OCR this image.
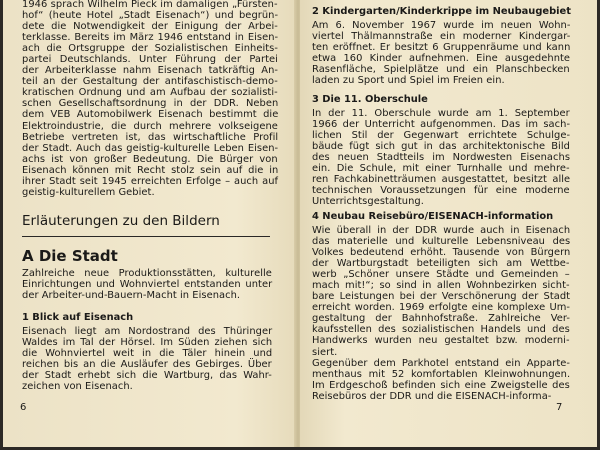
1946 sprach Wilhelm Pieck im damaligen „Fürsten-
hof“ (heute Hotel „Stadt Eisenach“) und begrün-
dete die Notwendigkeit der Einigung der Arbei-
terklasse. Bereits im März 1946 entstand in Eisen-
ach die Ortsgruppe der Sozialistischen Einheits-
partei Deutschlands. Unter Führung der Partei
der Arbeiterklasse nahm Eisenach tatkräftig An-
teil an der Gestaltung der antifaschistisch-demo-
kratischen Ordnung und am Aufbau der sozialisti-
schen Gesellschaftsordnung in der DDR. Neben
dem VEB Automobilwerk Eisenach bestimmt die
Elektroindustrie, die durch mehrere volkseigene
Betriebe vertreten ist, das wirtschaftliche Profil
der Stadt. Auch das geistig-kulturelle Leben Eisen-
achs ist von großer Bedeutung. Die Bürger von
Eisenach können mit Recht stolz sein auf die in
ihrer Stadt seit 1945 erreichten Erfolge – auch auf
geistig-kulturellem Gebiet.
Erläuterungen zu den Bildern
A Die Stadt
Zahlreiche neue Produktionsstätten, kulturelle
Einrichtungen und Wohnviertel entstanden unter
der Arbeiter-und-Bauern-Macht in Eisenach.
1 Blick auf Eisenach
Eisenach liegt am Nordostrand des Thüringer
Waldes im Tal der Hörsel. Im Süden ziehen sich
die Wohnviertel weit in die Täler hinein und
reichen bis an die Ausläufer des Gebirges. Über
der Stadt erhebt sich die Wartburg, das Wahr-
zeichen von Eisenach.
6
2 Kindergarten/Kinderkrippe im Neubaugebiet
Am 6. November 1967 wurde im neuen Wohn-
viertel Thälmannstraße ein moderner Kindergar-
ten eröffnet. Er besitzt 6 Gruppenräume und kann
etwa 160 Kinder aufnehmen. Eine ausgedehnte
Rasenfläche, Spielplätze und ein Planschbecken
laden zu Sport und Spiel im Freien ein.
3 Die 11. Oberschule
In der 11. Oberschule wurde am 1. September
1966 der Unterricht aufgenommen. Das im sach-
lichen Stil der Gegenwart errichtete Schulge-
bäude fügt sich gut in das architektonische Bild
des neuen Stadtteils im Nordwesten Eisenachs
ein. Die Schule, mit einer Turnhalle und mehre-
ren Fachkabinetträumen ausgestattet, besitzt alle
technischen Voraussetzungen für eine moderne
Unterrichtsgestaltung.
4 Neubau Reisebüro/EISENACH-information
Wie überall in der DDR wurde auch in Eisenach
das materielle und kulturelle Lebensniveau des
Volkes bedeutend erhöht. Tausende von Bürgern
der Wartburgstadt beteiligten sich am Wettbe-
werb „Schöner unsere Städte und Gemeinden –
mach mit!“; so sind in allen Wohnbezirken sicht-
bare Leistungen bei der Verschönerung der Stadt
erreicht worden. 1969 erfolgte eine komplexe Um-
gestaltung der Bahnhofstraße. Zahlreiche Ver-
kaufsstellen des sozialistischen Handels und des
Handwerks wurden neu gestaltet bzw. moderni-
siert.
Gegenüber dem Parkhotel entstand ein Apparte-
menthaus mit 52 komfortablen Kleinwohnungen.
Im Erdgeschoß befinden sich eine Zweigstelle des
Reisebüros der DDR und die EISENACH-informa-
7
